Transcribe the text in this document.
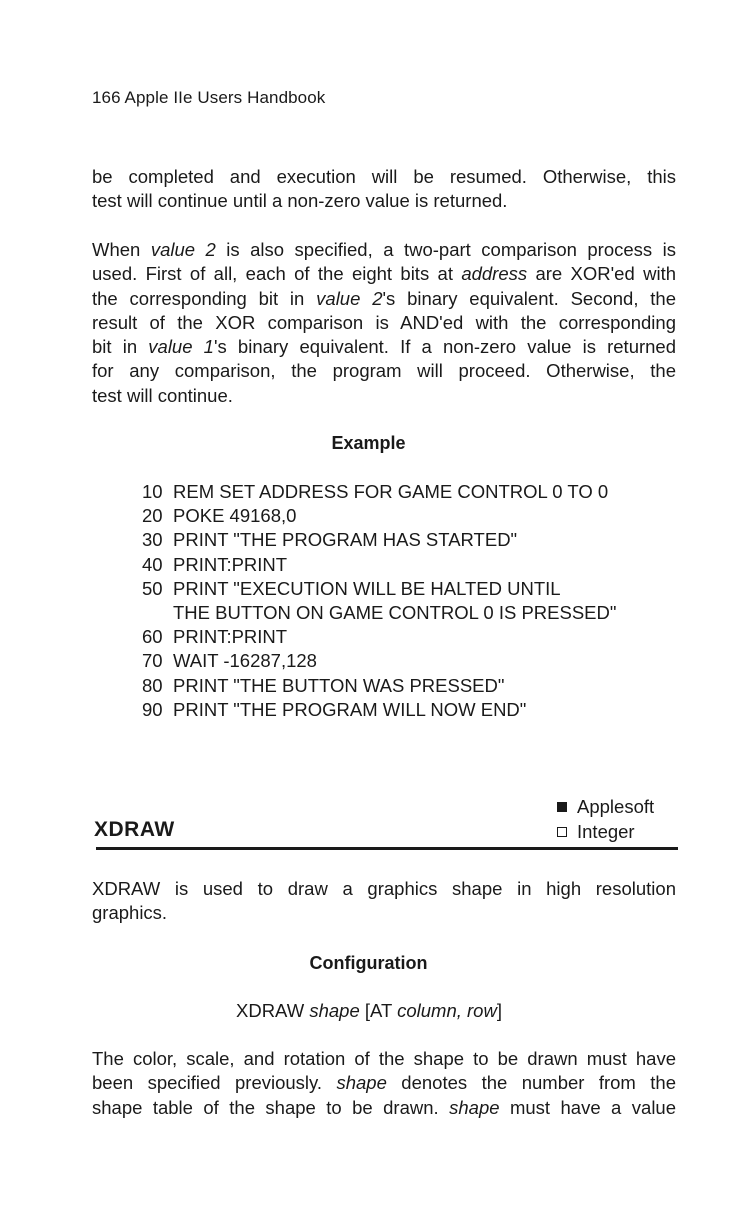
166 Apple IIe Users Handbook

be completed and execution will be resumed. Otherwise, this
test will continue until a non-zero value is returned.

When value 2 is also specified, a two-part comparison process is
used. First of all, each of the eight bits at address are XOR'ed with
the corresponding bit in value 2's binary equivalent. Second, the
result of the XOR comparison is AND'ed with the corresponding
bit in value 1's binary equivalent. If a non-zero value is returned
for any comparison, the program will proceed. Otherwise, the
test will continue.

Example
10 REM SET ADDRESS FOR GAME CONTROL 0 TO 0
20 POKE 49168,0
30 PRINT "THE PROGRAM HAS STARTED"
40 PRINT:PRINT
50 PRINT "EXECUTION WILL BE HALTED UNTIL
THE BUTTON ON GAME CONTROL 0 IS PRESSED"
60 PRINT:PRINT
70 WAIT -16287,128
80 PRINT "THE BUTTON WAS PRESSED"
90 PRINT "THE PROGRAM WILL NOW END"
Applesoft
Integer
XDRAW

XDRAW is used to draw a graphics shape in high resolution
graphics.

Configuration
XDRAW shape [AT column, row]

The color, scale, and rotation of the shape to be drawn must have
been specified previously. shape denotes the number from the
shape table of the shape to be drawn. shape must have a value
